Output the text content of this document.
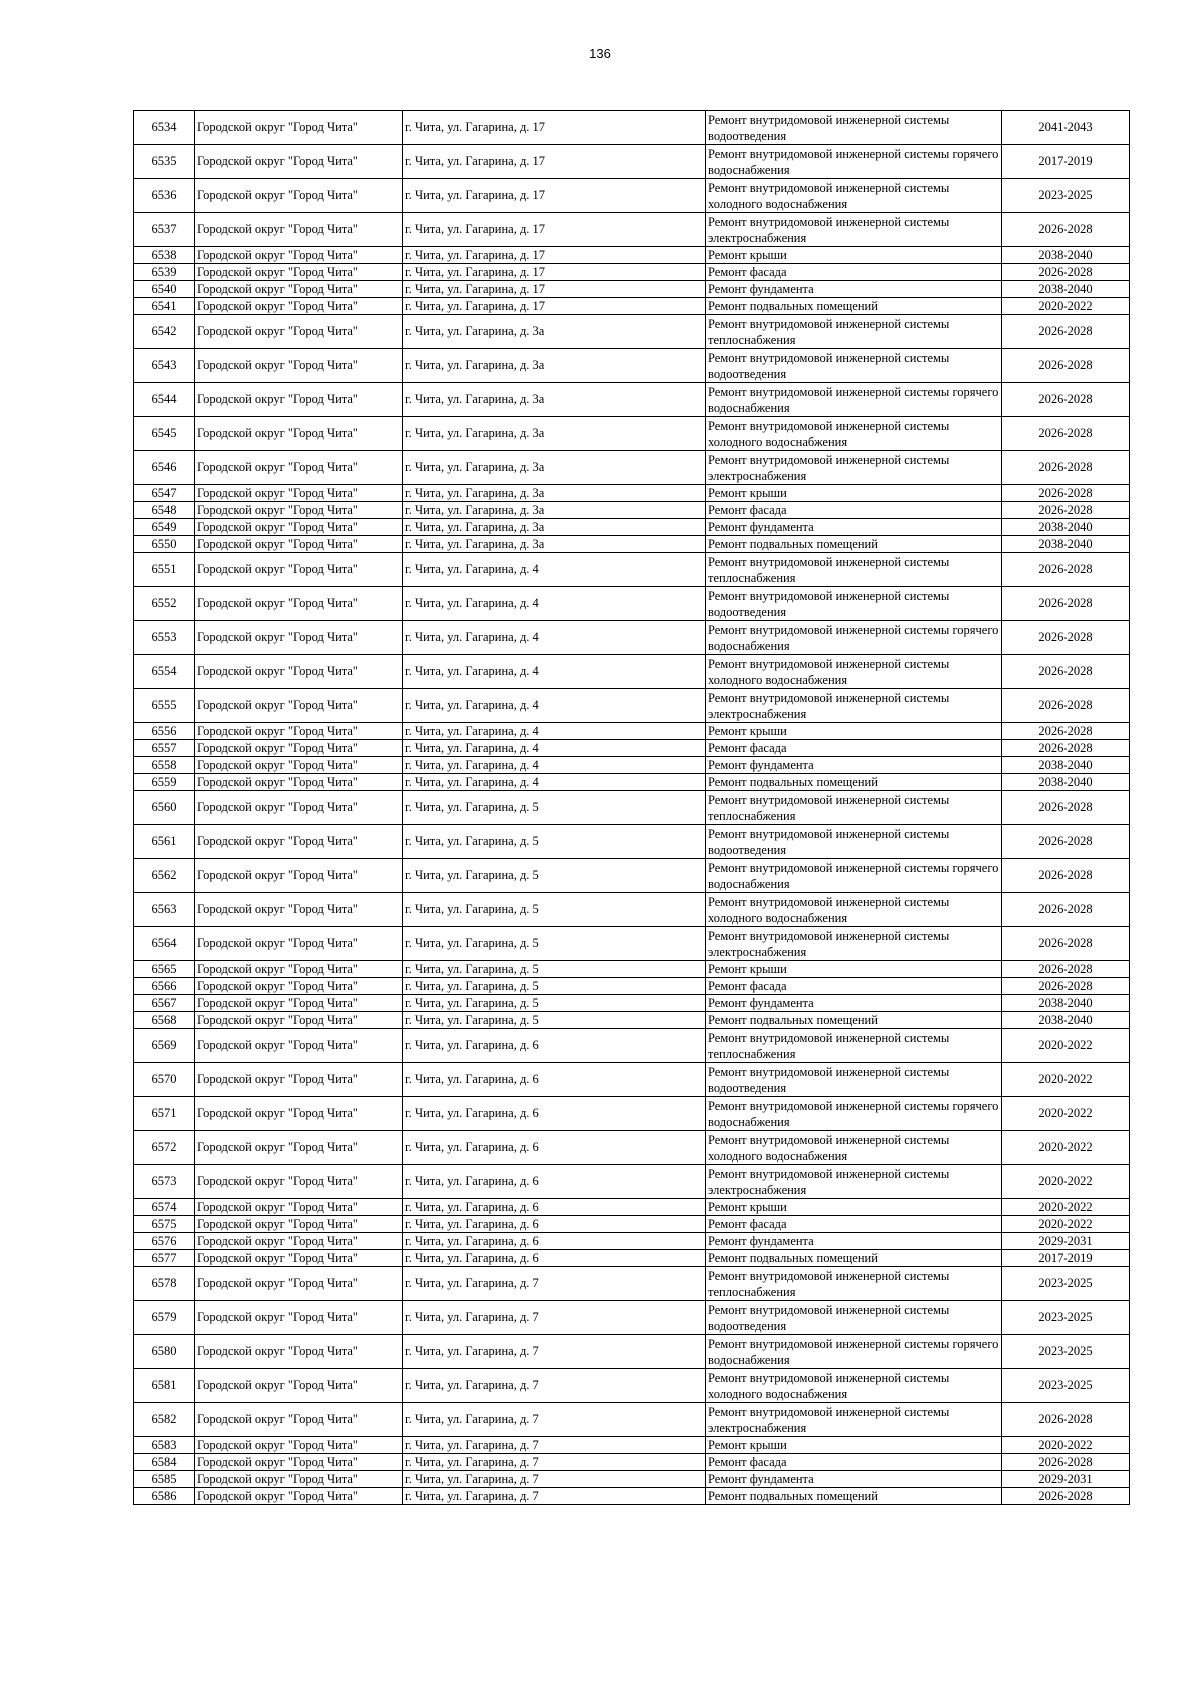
136
6534	Городской округ "Город Чита"	г. Чита, ул. Гагарина, д. 17	Ремонт внутридомовой инженерной системы водоотведения	2041-2043
6535	Городской округ "Город Чита"	г. Чита, ул. Гагарина, д. 17	Ремонт внутридомовой инженерной системы горячего водоснабжения	2017-2019
6536	Городской округ "Город Чита"	г. Чита, ул. Гагарина, д. 17	Ремонт внутридомовой инженерной системы холодного водоснабжения	2023-2025
6537	Городской округ "Город Чита"	г. Чита, ул. Гагарина, д. 17	Ремонт внутридомовой инженерной системы электроснабжения	2026-2028
6538	Городской округ "Город Чита"	г. Чита, ул. Гагарина, д. 17	Ремонт крыши	2038-2040
6539	Городской округ "Город Чита"	г. Чита, ул. Гагарина, д. 17	Ремонт фасада	2026-2028
6540	Городской округ "Город Чита"	г. Чита, ул. Гагарина, д. 17	Ремонт фундамента	2038-2040
6541	Городской округ "Город Чита"	г. Чита, ул. Гагарина, д. 17	Ремонт подвальных помещений	2020-2022
6542	Городской округ "Город Чита"	г. Чита, ул. Гагарина, д. 3а	Ремонт внутридомовой инженерной системы теплоснабжения	2026-2028
6543	Городской округ "Город Чита"	г. Чита, ул. Гагарина, д. 3а	Ремонт внутридомовой инженерной системы водоотведения	2026-2028
6544	Городской округ "Город Чита"	г. Чита, ул. Гагарина, д. 3а	Ремонт внутридомовой инженерной системы горячего водоснабжения	2026-2028
6545	Городской округ "Город Чита"	г. Чита, ул. Гагарина, д. 3а	Ремонт внутридомовой инженерной системы холодного водоснабжения	2026-2028
6546	Городской округ "Город Чита"	г. Чита, ул. Гагарина, д. 3а	Ремонт внутридомовой инженерной системы электроснабжения	2026-2028
6547	Городской округ "Город Чита"	г. Чита, ул. Гагарина, д. 3а	Ремонт крыши	2026-2028
6548	Городской округ "Город Чита"	г. Чита, ул. Гагарина, д. 3а	Ремонт фасада	2026-2028
6549	Городской округ "Город Чита"	г. Чита, ул. Гагарина, д. 3а	Ремонт фундамента	2038-2040
6550	Городской округ "Город Чита"	г. Чита, ул. Гагарина, д. 3а	Ремонт подвальных помещений	2038-2040
6551	Городской округ "Город Чита"	г. Чита, ул. Гагарина, д. 4	Ремонт внутридомовой инженерной системы теплоснабжения	2026-2028
6552	Городской округ "Город Чита"	г. Чита, ул. Гагарина, д. 4	Ремонт внутридомовой инженерной системы водоотведения	2026-2028
6553	Городской округ "Город Чита"	г. Чита, ул. Гагарина, д. 4	Ремонт внутридомовой инженерной системы горячего водоснабжения	2026-2028
6554	Городской округ "Город Чита"	г. Чита, ул. Гагарина, д. 4	Ремонт внутридомовой инженерной системы холодного водоснабжения	2026-2028
6555	Городской округ "Город Чита"	г. Чита, ул. Гагарина, д. 4	Ремонт внутридомовой инженерной системы электроснабжения	2026-2028
6556	Городской округ "Город Чита"	г. Чита, ул. Гагарина, д. 4	Ремонт крыши	2026-2028
6557	Городской округ "Город Чита"	г. Чита, ул. Гагарина, д. 4	Ремонт фасада	2026-2028
6558	Городской округ "Город Чита"	г. Чита, ул. Гагарина, д. 4	Ремонт фундамента	2038-2040
6559	Городской округ "Город Чита"	г. Чита, ул. Гагарина, д. 4	Ремонт подвальных помещений	2038-2040
6560	Городской округ "Город Чита"	г. Чита, ул. Гагарина, д. 5	Ремонт внутридомовой инженерной системы теплоснабжения	2026-2028
6561	Городской округ "Город Чита"	г. Чита, ул. Гагарина, д. 5	Ремонт внутридомовой инженерной системы водоотведения	2026-2028
6562	Городской округ "Город Чита"	г. Чита, ул. Гагарина, д. 5	Ремонт внутридомовой инженерной системы горячего водоснабжения	2026-2028
6563	Городской округ "Город Чита"	г. Чита, ул. Гагарина, д. 5	Ремонт внутридомовой инженерной системы холодного водоснабжения	2026-2028
6564	Городской округ "Город Чита"	г. Чита, ул. Гагарина, д. 5	Ремонт внутридомовой инженерной системы электроснабжения	2026-2028
6565	Городской округ "Город Чита"	г. Чита, ул. Гагарина, д. 5	Ремонт крыши	2026-2028
6566	Городской округ "Город Чита"	г. Чита, ул. Гагарина, д. 5	Ремонт фасада	2026-2028
6567	Городской округ "Город Чита"	г. Чита, ул. Гагарина, д. 5	Ремонт фундамента	2038-2040
6568	Городской округ "Город Чита"	г. Чита, ул. Гагарина, д. 5	Ремонт подвальных помещений	2038-2040
6569	Городской округ "Город Чита"	г. Чита, ул. Гагарина, д. 6	Ремонт внутридомовой инженерной системы теплоснабжения	2020-2022
6570	Городской округ "Город Чита"	г. Чита, ул. Гагарина, д. 6	Ремонт внутридомовой инженерной системы водоотведения	2020-2022
6571	Городской округ "Город Чита"	г. Чита, ул. Гагарина, д. 6	Ремонт внутридомовой инженерной системы горячего водоснабжения	2020-2022
6572	Городской округ "Город Чита"	г. Чита, ул. Гагарина, д. 6	Ремонт внутридомовой инженерной системы холодного водоснабжения	2020-2022
6573	Городской округ "Город Чита"	г. Чита, ул. Гагарина, д. 6	Ремонт внутридомовой инженерной системы электроснабжения	2020-2022
6574	Городской округ "Город Чита"	г. Чита, ул. Гагарина, д. 6	Ремонт крыши	2020-2022
6575	Городской округ "Город Чита"	г. Чита, ул. Гагарина, д. 6	Ремонт фасада	2020-2022
6576	Городской округ "Город Чита"	г. Чита, ул. Гагарина, д. 6	Ремонт фундамента	2029-2031
6577	Городской округ "Город Чита"	г. Чита, ул. Гагарина, д. 6	Ремонт подвальных помещений	2017-2019
6578	Городской округ "Город Чита"	г. Чита, ул. Гагарина, д. 7	Ремонт внутридомовой инженерной системы теплоснабжения	2023-2025
6579	Городской округ "Город Чита"	г. Чита, ул. Гагарина, д. 7	Ремонт внутридомовой инженерной системы водоотведения	2023-2025
6580	Городской округ "Город Чита"	г. Чита, ул. Гагарина, д. 7	Ремонт внутридомовой инженерной системы горячего водоснабжения	2023-2025
6581	Городской округ "Город Чита"	г. Чита, ул. Гагарина, д. 7	Ремонт внутридомовой инженерной системы холодного водоснабжения	2023-2025
6582	Городской округ "Город Чита"	г. Чита, ул. Гагарина, д. 7	Ремонт внутридомовой инженерной системы электроснабжения	2026-2028
6583	Городской округ "Город Чита"	г. Чита, ул. Гагарина, д. 7	Ремонт крыши	2020-2022
6584	Городской округ "Город Чита"	г. Чита, ул. Гагарина, д. 7	Ремонт фасада	2026-2028
6585	Городской округ "Город Чита"	г. Чита, ул. Гагарина, д. 7	Ремонт фундамента	2029-2031
6586	Городской округ "Город Чита"	г. Чита, ул. Гагарина, д. 7	Ремонт подвальных помещений	2026-2028
